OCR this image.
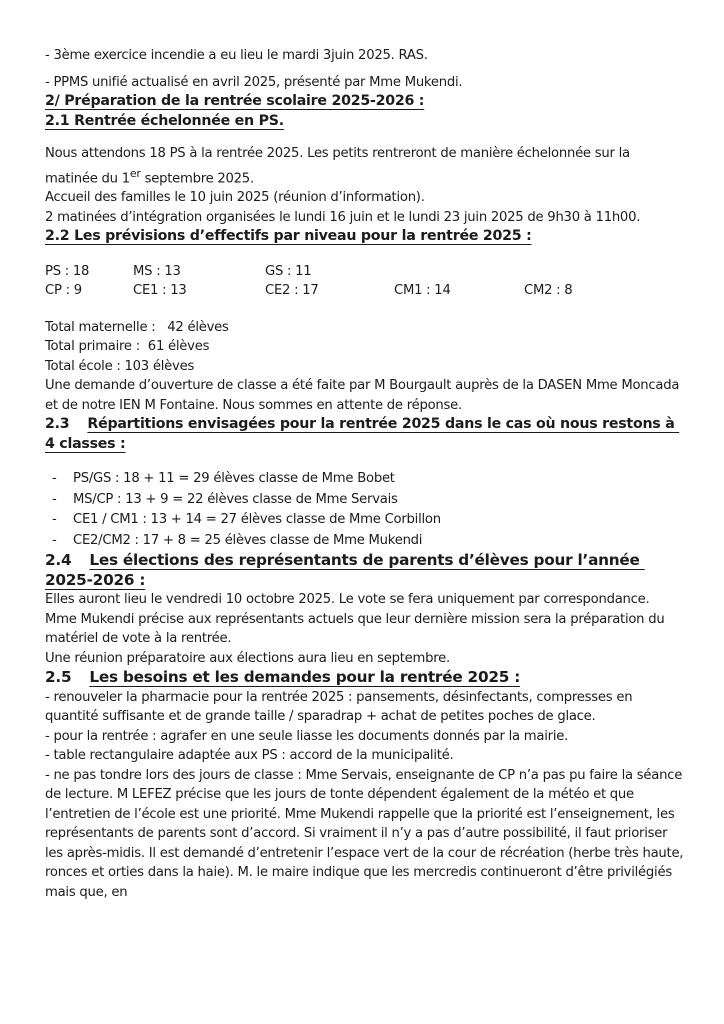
- 3ème exercice incendie a eu lieu le mardi 3juin 2025. RAS.

- PPMS unifié actualisé en avril 2025, présenté par Mme Mukendi.

2/ Préparation de la rentrée scolaire 2025-2026 :

2.1 Rentrée échelonnée en PS.

Nous attendons 18 PS à la rentrée 2025. Les petits rentreront de manière échelonnée sur la matinée du 1er septembre 2025.

Accueil des familles le 10 juin 2025 (réunion d’information).

2 matinées d’intégration organisées le lundi 16 juin et le lundi 23 juin 2025 de 9h30 à 11h00.

2.2 Les prévisions d’effectifs par niveau pour la rentrée 2025 :

PS : 18	MS : 13	GS : 11
CP : 9	CE1 : 13	CE2 : 17	CM1 : 14	CM2 : 8

Total maternelle :   42 élèves

Total primaire :  61 élèves

Total école : 103 élèves

Une demande d’ouverture de classe a été faite par M Bourgault auprès de la DASEN Mme Moncada et de notre IEN M Fontaine. Nous sommes en attente de réponse.

2.3 Répartitions envisagées pour la rentrée 2025 dans le cas où nous restons à 4 classes :

-	PS/GS : 18 + 11 = 29 élèves classe de Mme Bobet
-	MS/CP : 13 + 9 = 22 élèves classe de Mme Servais
-	CE1 / CM1 : 13 + 14 = 27 élèves classe de Mme Corbillon
-	CE2/CM2 : 17 + 8 = 25 élèves classe de Mme Mukendi

2.4 Les élections des représentants de parents d’élèves pour l’année 2025-2026 :

Elles auront lieu le vendredi 10 octobre 2025. Le vote se fera uniquement par correspondance. Mme Mukendi précise aux représentants actuels que leur dernière mission sera la préparation du matériel de vote à la rentrée.

Une réunion préparatoire aux élections aura lieu en septembre.

2.5 Les besoins et les demandes pour la rentrée 2025 :

- renouveler la pharmacie pour la rentrée 2025 : pansements, désinfectants, compresses en quantité suffisante et de grande taille / sparadrap + achat de petites poches de glace.

- pour la rentrée : agrafer en une seule liasse les documents donnés par la mairie.

- table rectangulaire adaptée aux PS : accord de la municipalité.

- ne pas tondre lors des jours de classe : Mme Servais, enseignante de CP n’a pas pu faire la séance de lecture. M LEFEZ précise que les jours de tonte dépendent également de la météo et que l’entretien de l’école est une priorité. Mme Mukendi rappelle que la priorité est l’enseignement, les représentants de parents sont d’accord. Si vraiment il n’y a pas d’autre possibilité, il faut prioriser les après-midis. Il est demandé d’entretenir l’espace vert de la cour de récréation (herbe très haute, ronces et orties dans la haie). M. le maire indique que les mercredis continueront d’être privilégiés mais que, en
